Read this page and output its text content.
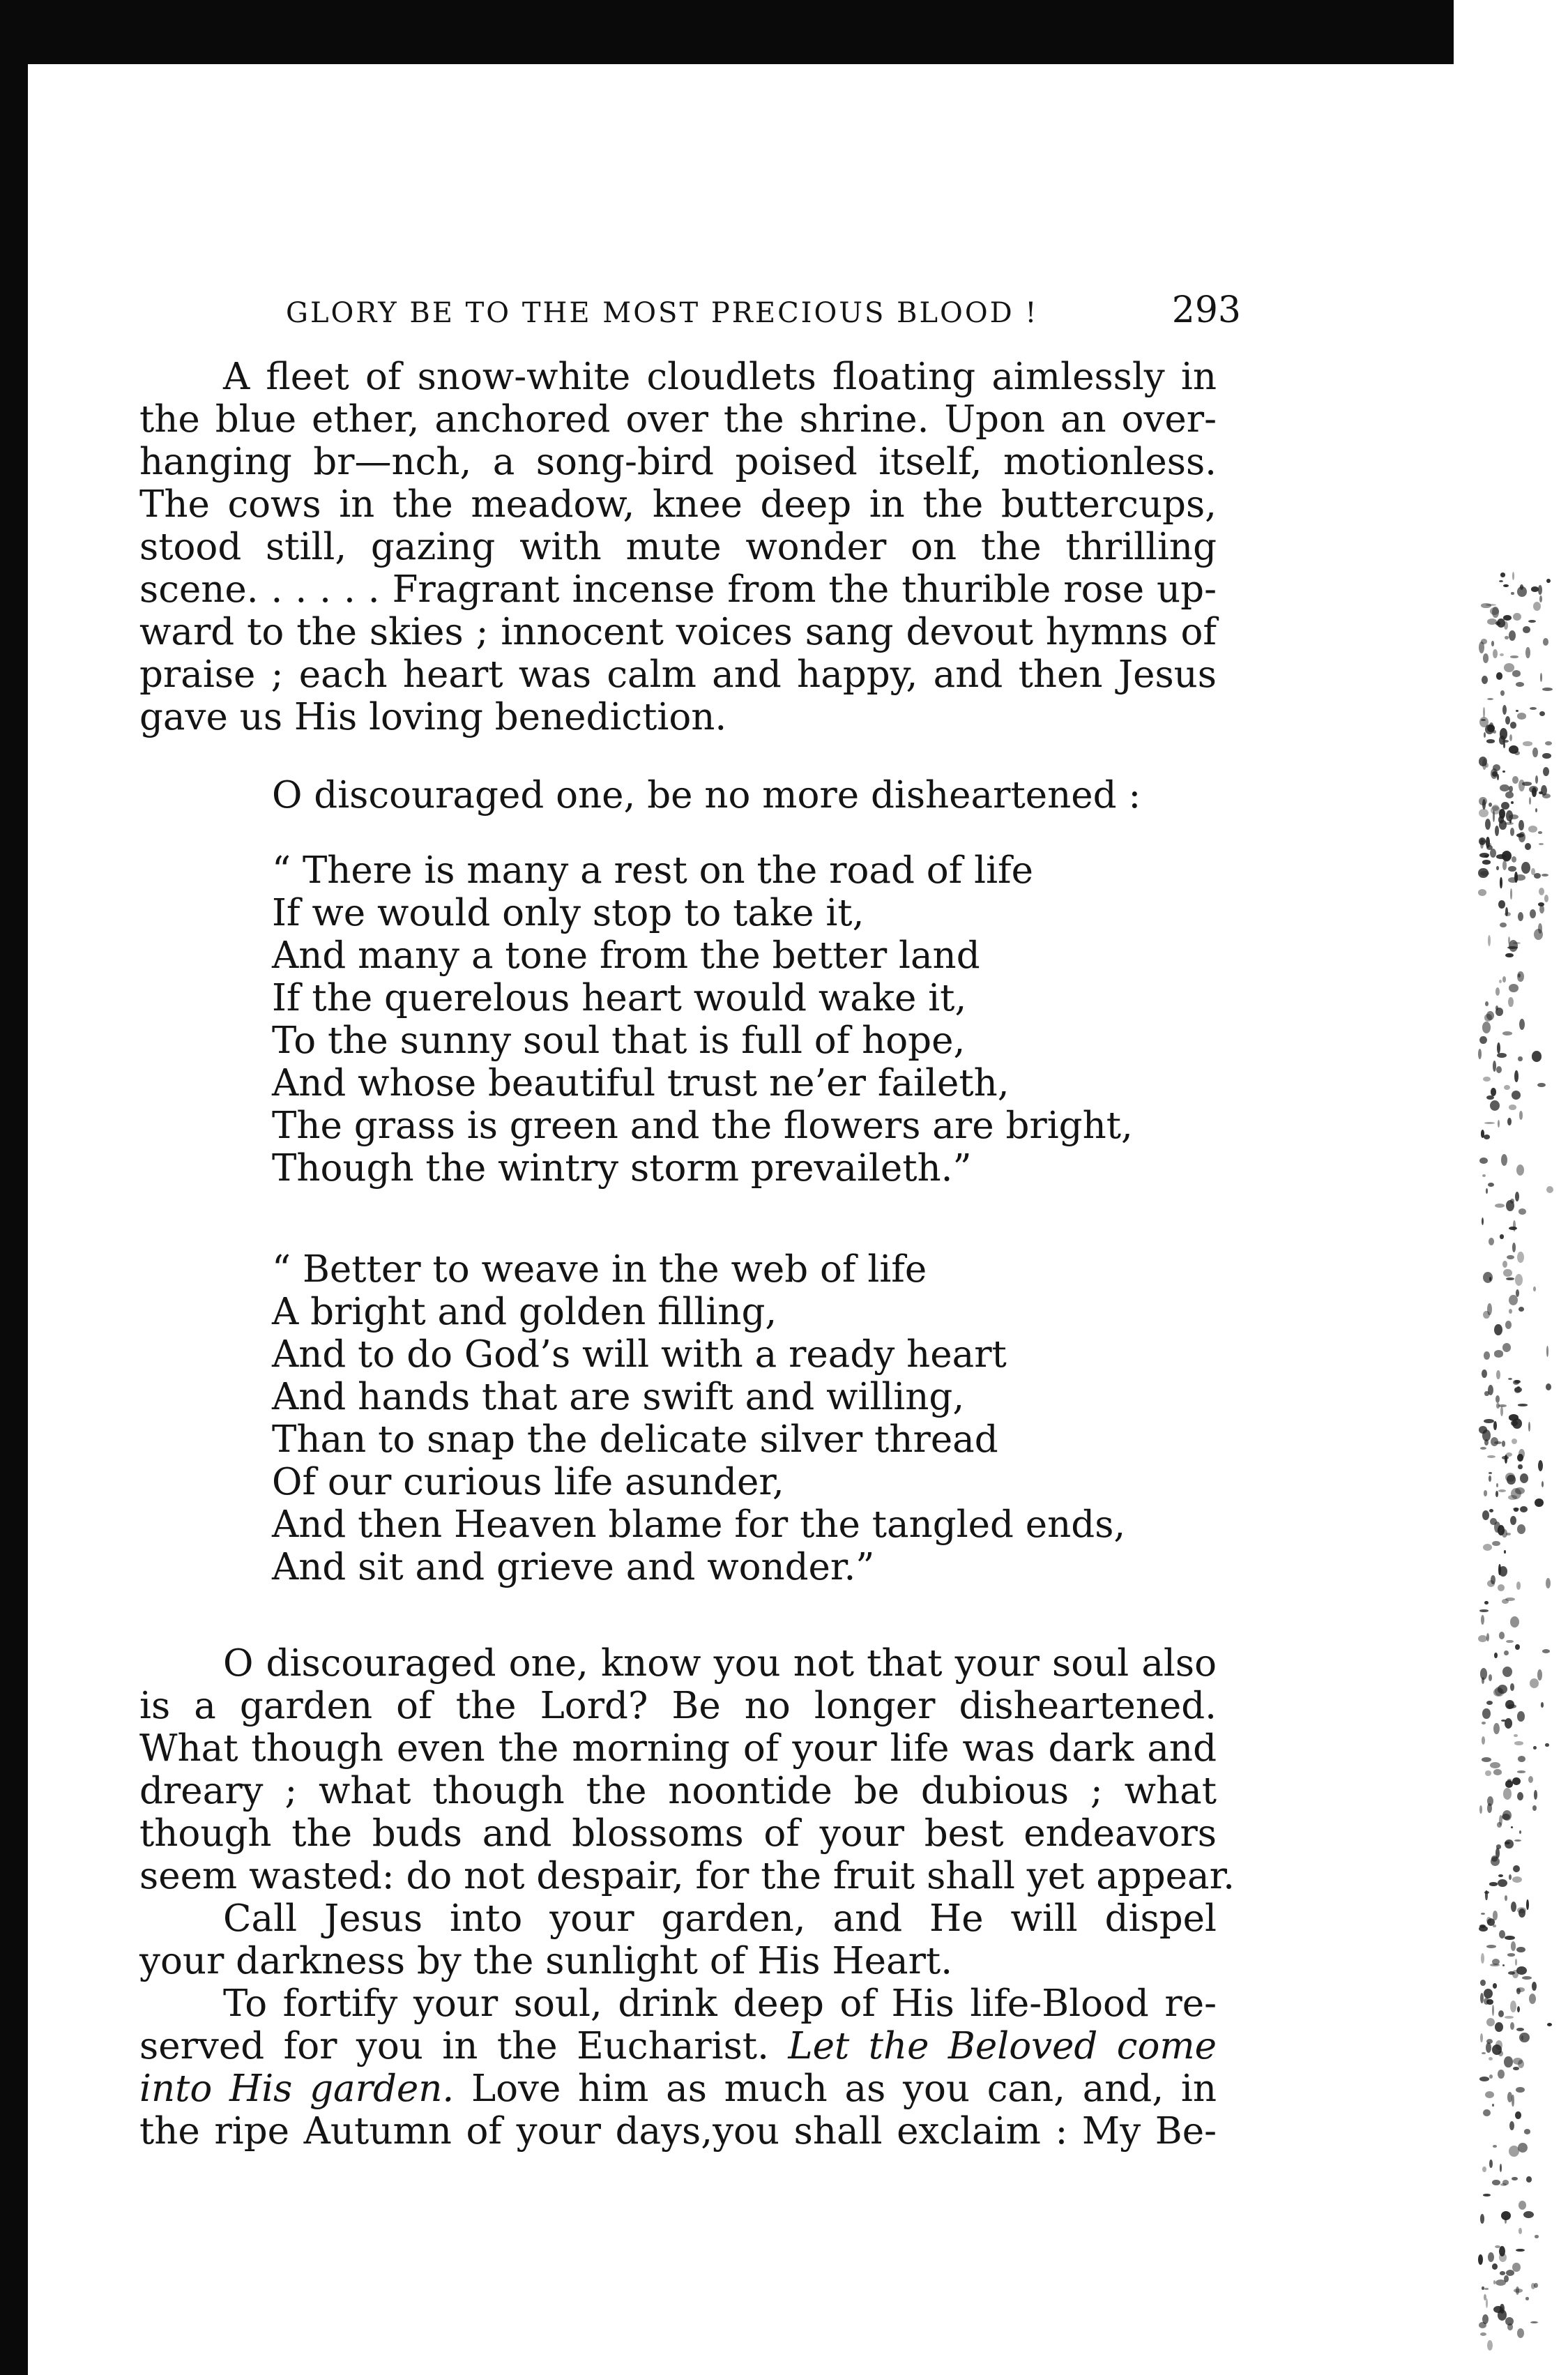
GLORY BE TO THE MOST PRECIOUS BLOOD !	293
A fleet of snow-white cloudlets floating aimlessly in
the blue ether, anchored over the shrine. Upon an over-
hanging br—nch, a song-bird poised itself, motionless.
The cows in the meadow, knee deep in the buttercups,
stood still, gazing with mute wonder on the thrilling
scene. . . . . . Fragrant incense from the thurible rose up-
ward to the skies ; innocent voices sang devout hymns of
praise ; each heart was calm and happy, and then Jesus
gave us His loving benediction.
O discouraged one, be no more disheartened :
“ There is many a rest on the road of life
If we would only stop to take it,
And many a tone from the better land
If the querelous heart would wake it,
To the sunny soul that is full of hope,
And whose beautiful trust ne’er faileth,
The grass is green and the flowers are bright,
Though the wintry storm prevaileth.”
“ Better to weave in the web of life
A bright and golden filling,
And to do God’s will with a ready heart
And hands that are swift and willing,
Than to snap the delicate silver thread
Of our curious life asunder,
And then Heaven blame for the tangled ends,
And sit and grieve and wonder.”
O discouraged one, know you not that your soul also
is a garden of the Lord? Be no longer disheartened.
What though even the morning of your life was dark and
dreary ; what though the noontide be dubious ; what
though the buds and blossoms of your best endeavors
seem wasted: do not despair, for the fruit shall yet appear.
Call Jesus into your garden, and He will dispel
your darkness by the sunlight of His Heart.
To fortify your soul, drink deep of His life-Blood re-
served for you in the Eucharist. Let the Beloved come
into His garden. Love him as much as you can, and, in
the ripe Autumn of your days,you shall exclaim : My Be-
